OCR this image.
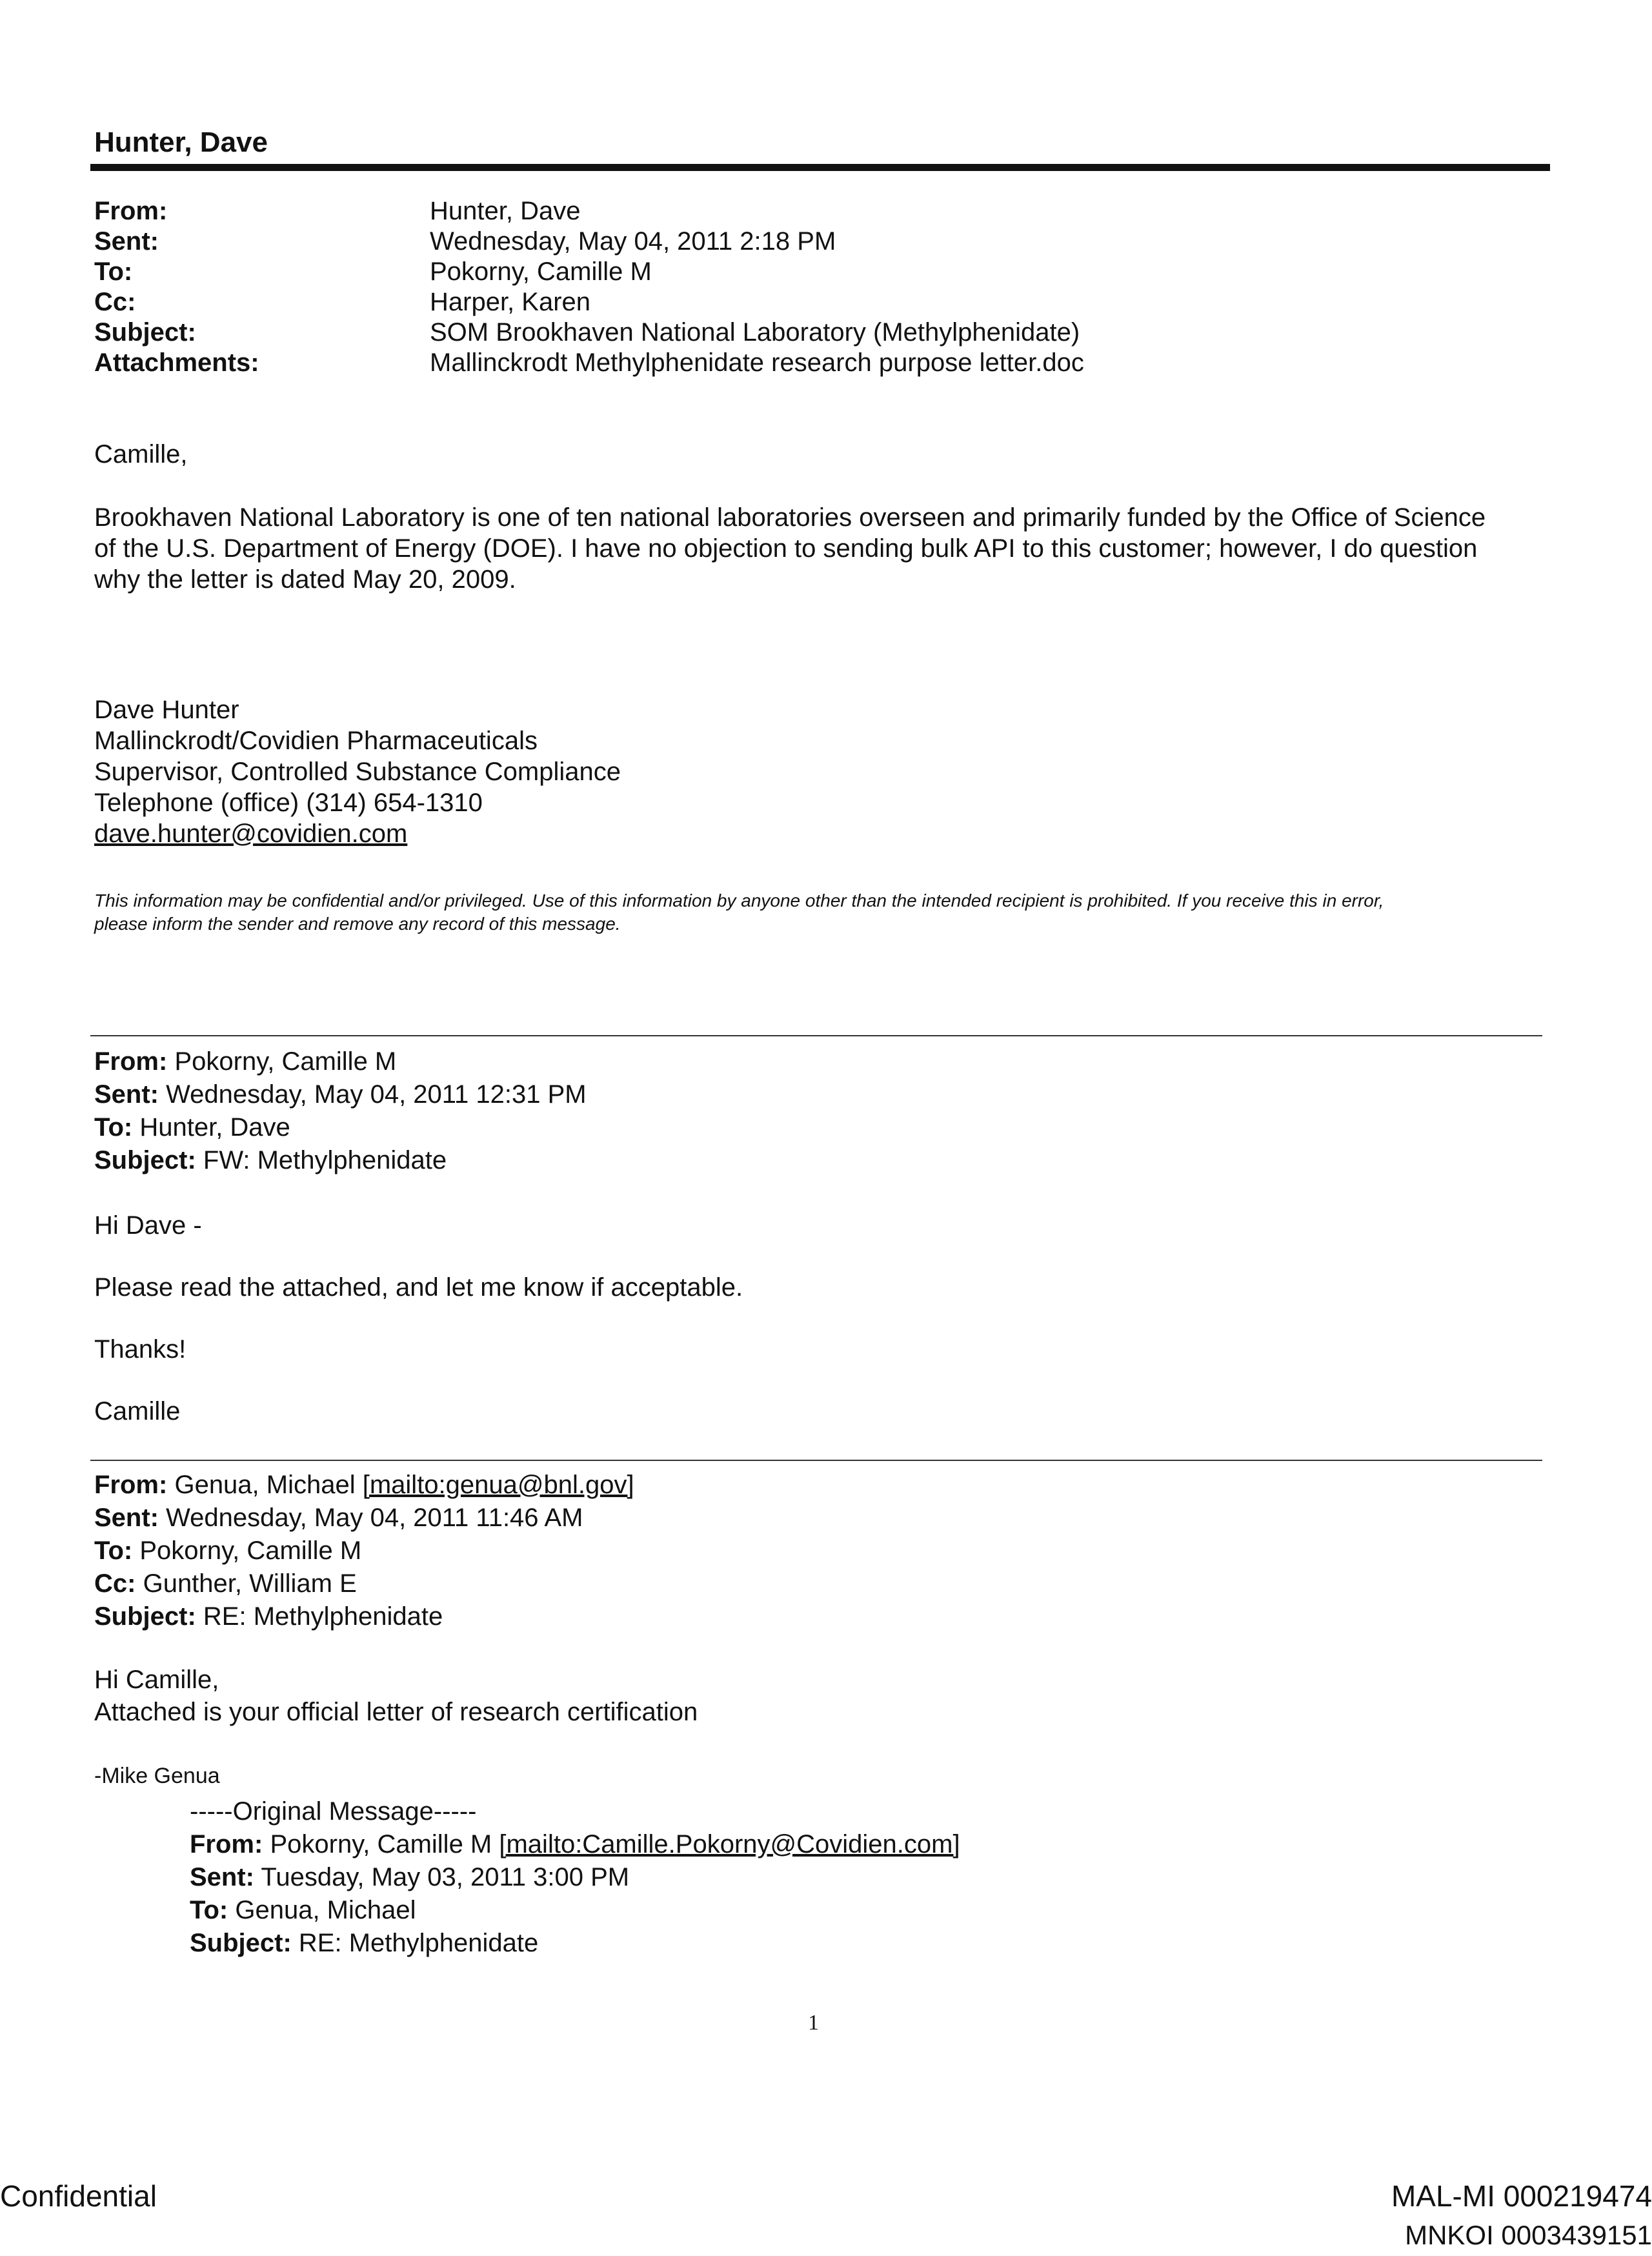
Hunter, Dave
From:	Hunter, Dave
Sent:	Wednesday, May 04, 2011 2:18 PM
To:	Pokorny, Camille M
Cc:	Harper, Karen
Subject:	SOM Brookhaven National Laboratory (Methylphenidate)
Attachments:	Mallinckrodt Methylphenidate research purpose letter.doc
Camille,
Brookhaven National Laboratory is one of ten national laboratories overseen and primarily funded by the Office of Science
of the U.S. Department of Energy (DOE). I have no objection to sending bulk API to this customer; however, I do question
why the letter is dated May 20, 2009.
Dave Hunter
Mallinckrodt/Covidien Pharmaceuticals
Supervisor, Controlled Substance Compliance
Telephone (office) (314) 654-1310
dave.hunter@covidien.com
This information may be confidential and/or privileged. Use of this information by anyone other than the intended recipient is prohibited. If you receive this in error,
please inform the sender and remove any record of this message.
From: Pokorny, Camille M
Sent: Wednesday, May 04, 2011 12:31 PM
To: Hunter, Dave
Subject: FW: Methylphenidate
Hi Dave -
Please read the attached, and let me know if acceptable.
Thanks!
Camille
From: Genua, Michael [mailto:genua@bnl.gov]
Sent: Wednesday, May 04, 2011 11:46 AM
To: Pokorny, Camille M
Cc: Gunther, William E
Subject: RE: Methylphenidate
Hi Camille,
Attached is your official letter of research certification
-Mike Genua
-----Original Message-----
From: Pokorny, Camille M [mailto:Camille.Pokorny@Covidien.com]
Sent: Tuesday, May 03, 2011 3:00 PM
To: Genua, Michael
Subject: RE: Methylphenidate
1
Confidential	MAL-MI 000219474
MNKOI 0003439151
